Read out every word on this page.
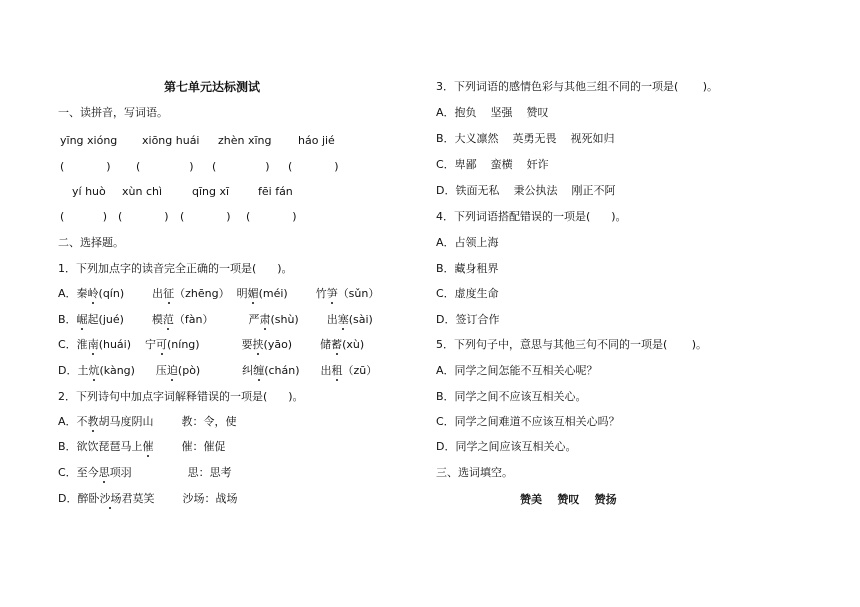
第七单元达标测试
一、读拼音，写词语。
yīng xióng xiōng huái zhèn xīng háo jié
(            ) (              ) (              ) (            )
yí huò xùn chì	qīng xī	fēi fán
(           ) (            ) (            ) (            )
二、选择题。
1．下列加点字的读音完全正确的一项是(      )。
A．秦岭(qín)        出征（zhēng）  明媚(méi)        竹笋（sǔn）
B．崛起(jué)        模范（fàn）          严肃(shù)        出塞(sài)
C．淮南(huái)    宁可(níng)            要挟(yāo)        储蓄(xù)
D．土炕(kàng)      压迫(pò)            纠缠(chán)      出租（zū）
2．下列诗句中加点字词解释错误的一项是(      )。
A．不教胡马度阴山        教：令，使
B．欲饮琵琶马上催        催：催促
C．至今思项羽                思：思考
D．醉卧沙场君莫笑        沙场：战场
3．下列词语的感情色彩与其他三组不同的一项是(       )。
A．抱负    坚强    赞叹
B．大义凛然    英勇无畏    视死如归
C．卑鄙    蛮横    奸诈
D．铁面无私    秉公执法    刚正不阿
4．下列词语搭配错误的一项是(      )。
A．占领上海
B．藏身租界
C．虚度生命
D．签订合作
5．下列句子中，意思与其他三句不同的一项是(       )。
A．同学之间怎能不互相关心呢？
B．同学之间不应该互相关心。
C．同学之间难道不应该互相关心吗？
D．同学之间应该互相关心。
三、选词填空。
赞美    赞叹    赞扬
